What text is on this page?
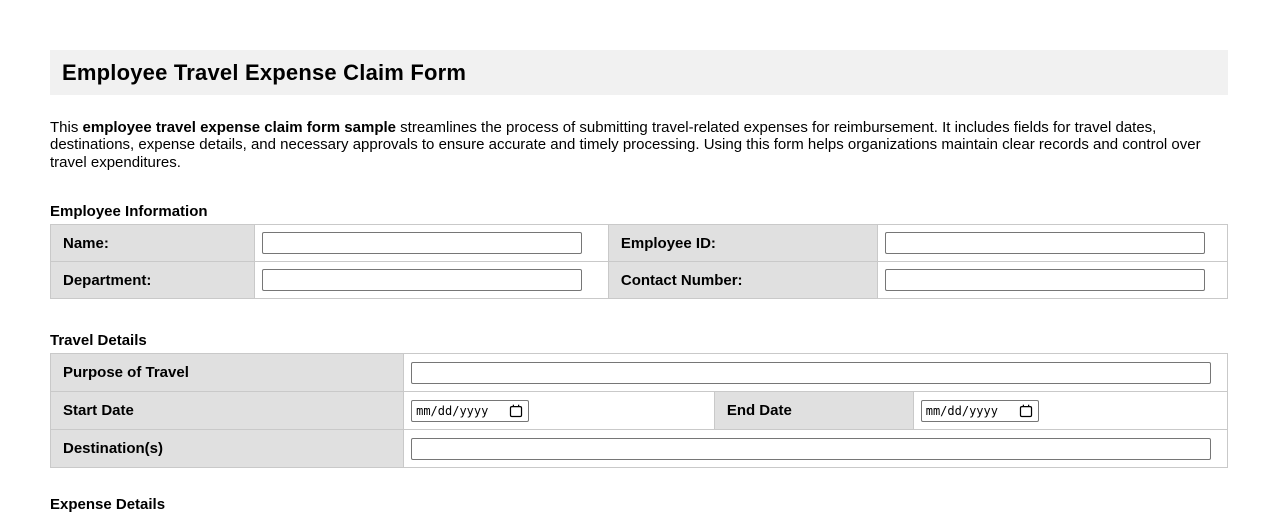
Employee Travel Expense Claim Form

This employee travel expense claim form sample streamlines the process of submitting travel-related expenses for reimbursement. It includes fields for travel dates, destinations, expense details, and necessary approvals to ensure accurate and timely processing. Using this form helps organizations maintain clear records and control over travel expenditures.

Employee Information
Name:		Employee ID:	

Department:		Contact Number:	
Travel Details
Purpose of Travel	

Start Date	mm/dd/yyyy	End Date	mm/dd/yyyy

Destination(s)	
Expense Details
